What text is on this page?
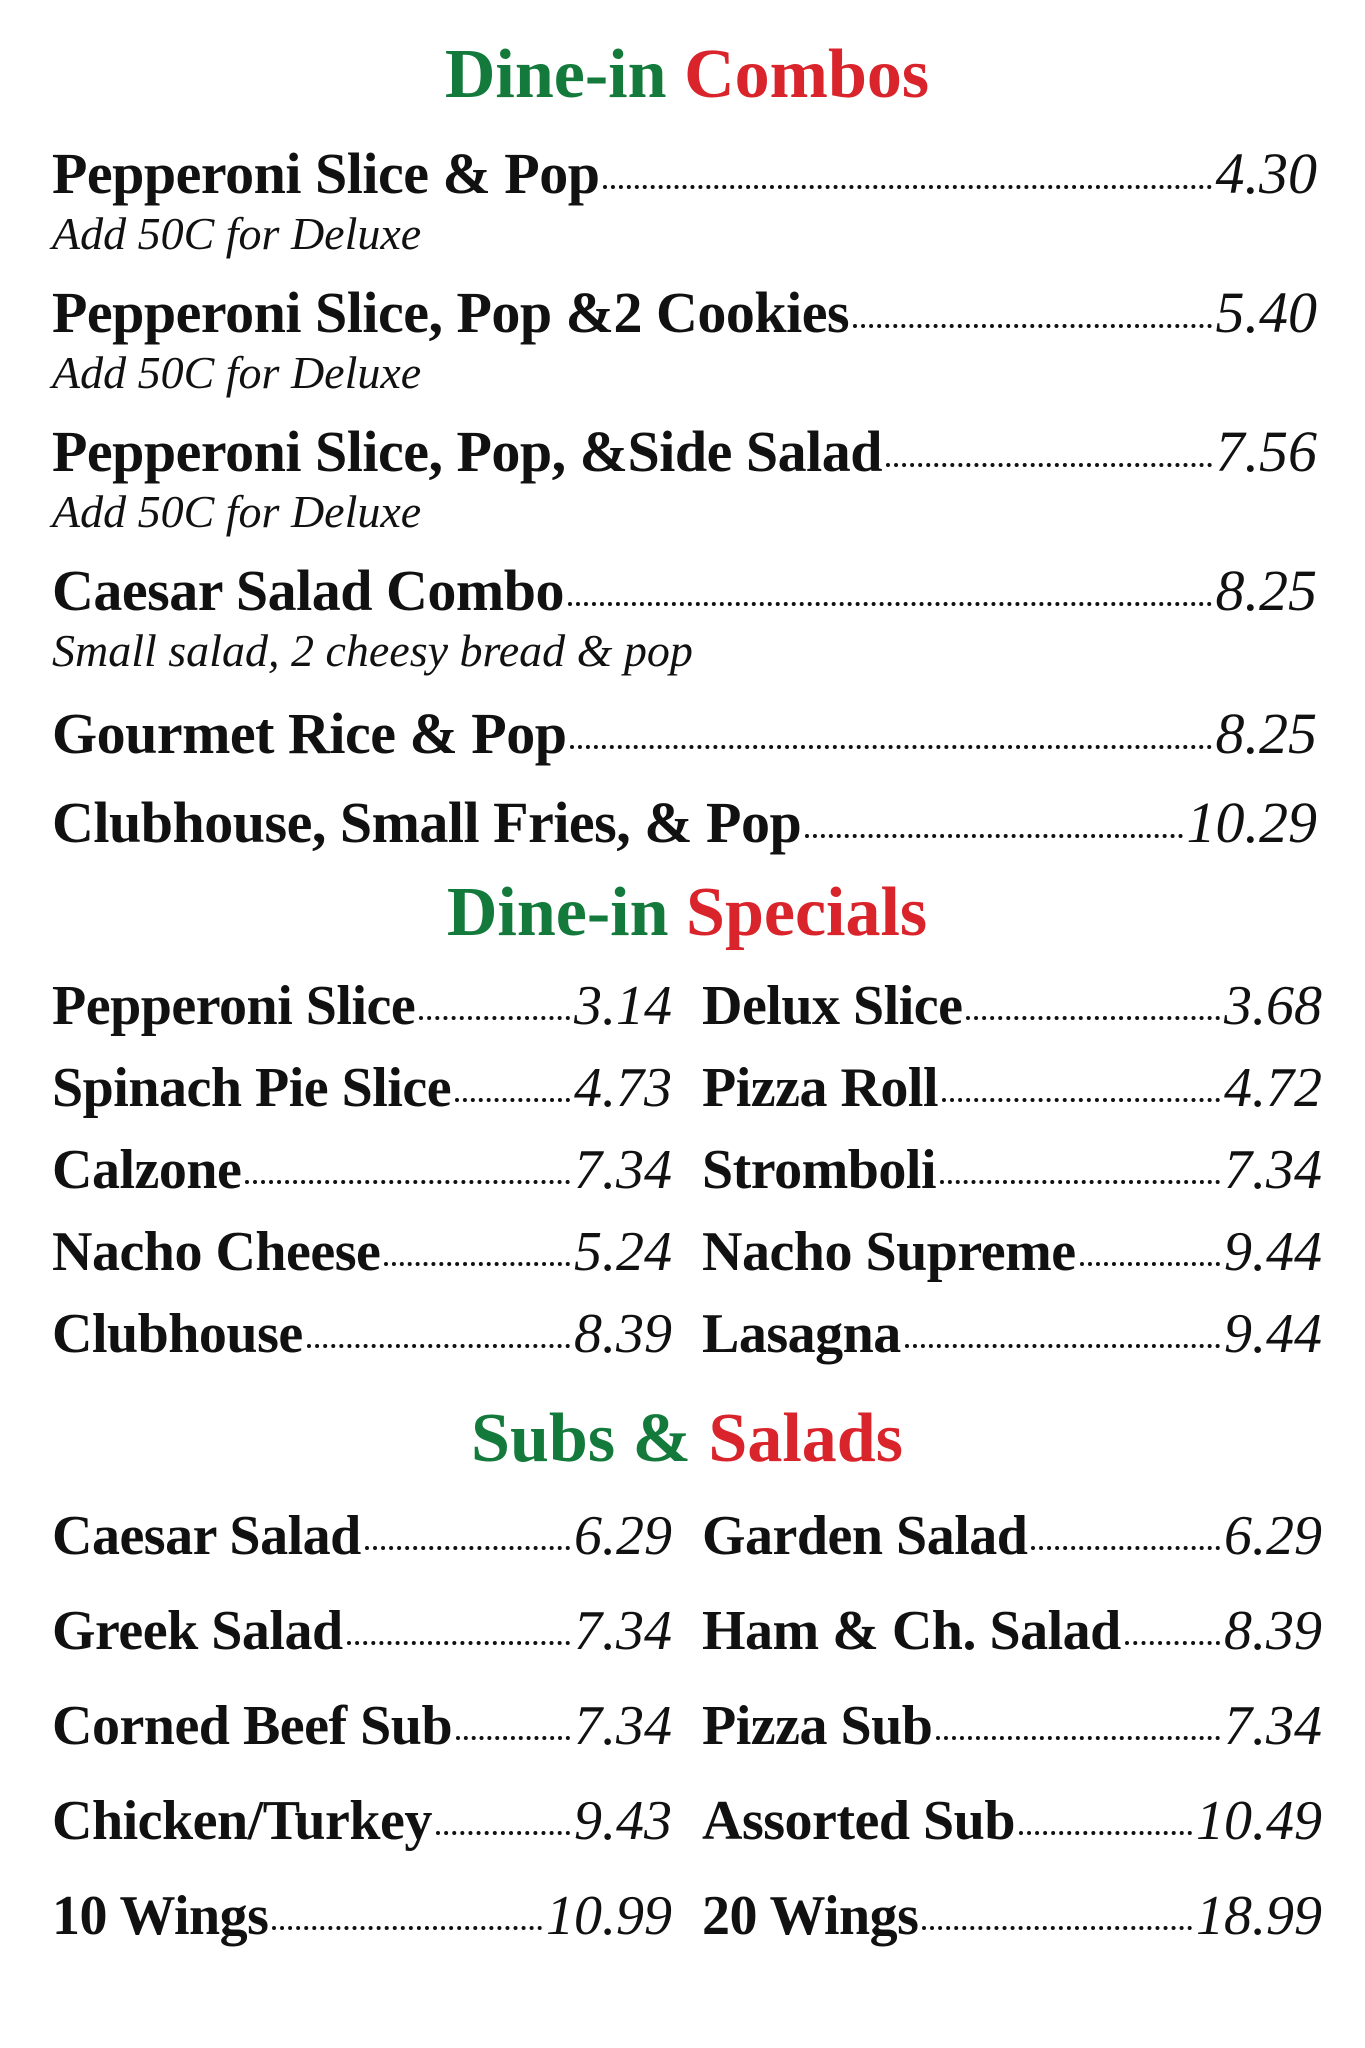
Dine-in Combos
Pepperoni Slice & Pop	4.30
Add 50C for Deluxe
Pepperoni Slice, Pop &2 Cookies	5.40
Add 50C for Deluxe
Pepperoni Slice, Pop, &Side Salad	7.56
Add 50C for Deluxe
Caesar Salad Combo	8.25
Small salad, 2 cheesy bread & pop
Gourmet Rice & Pop	8.25
Clubhouse, Small Fries, & Pop	10.29
Dine-in Specials
Pepperoni Slice	3.14 Delux Slice	3.68
Spinach Pie Slice 4.73 Pizza Roll	4.72
Calzone	7.34 Stromboli	7.34
Nacho Cheese	5.24 Nacho Supreme	9.44
Clubhouse	8.39 Lasagna	9.44
Subs & Salads
Caesar Salad	6.29 Garden Salad	6.29
Greek Salad	7.34 Ham & Ch. Salad 8.39
Corned Beef Sub 7.34 Pizza Sub	7.34
Chicken/Turkey	9.43 Assorted Sub	10.49
10 Wings	10.99 20 Wings	18.99
